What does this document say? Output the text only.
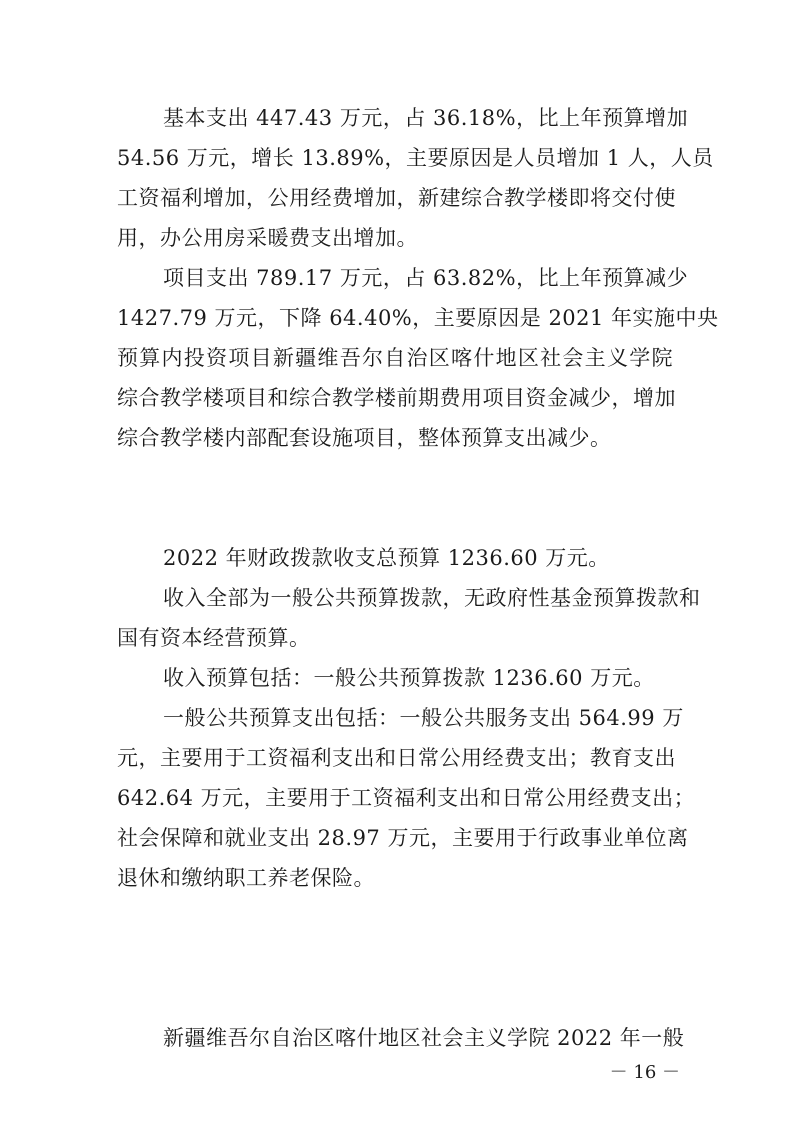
基本支出 447.43 万元，占 36.18%，比上年预算增加
54.56 万元，增长 13.89%，主要原因是人员增加 1 人，人员
工资福利增加，公用经费增加，新建综合教学楼即将交付使
用，办公用房采暖费支出增加。
项目支出 789.17 万元，占 63.82%，比上年预算减少
1427.79 万元，下降 64.40%，主要原因是 2021 年实施中央
预算内投资项目新疆维吾尔自治区喀什地区社会主义学院
综合教学楼项目和综合教学楼前期费用项目资金减少，增加
综合教学楼内部配套设施项目，整体预算支出减少。
2022 年财政拨款收支总预算 1236.60 万元。
收入全部为一般公共预算拨款，无政府性基金预算拨款和
国有资本经营预算。
收入预算包括：一般公共预算拨款 1236.60 万元。
一般公共预算支出包括：一般公共服务支出 564.99 万
元，主要用于工资福利支出和日常公用经费支出；教育支出
642.64 万元，主要用于工资福利支出和日常公用经费支出；
社会保障和就业支出 28.97 万元，主要用于行政事业单位离
退休和缴纳职工养老保险。
新疆维吾尔自治区喀什地区社会主义学院 2022 年一般
－ 16 －
